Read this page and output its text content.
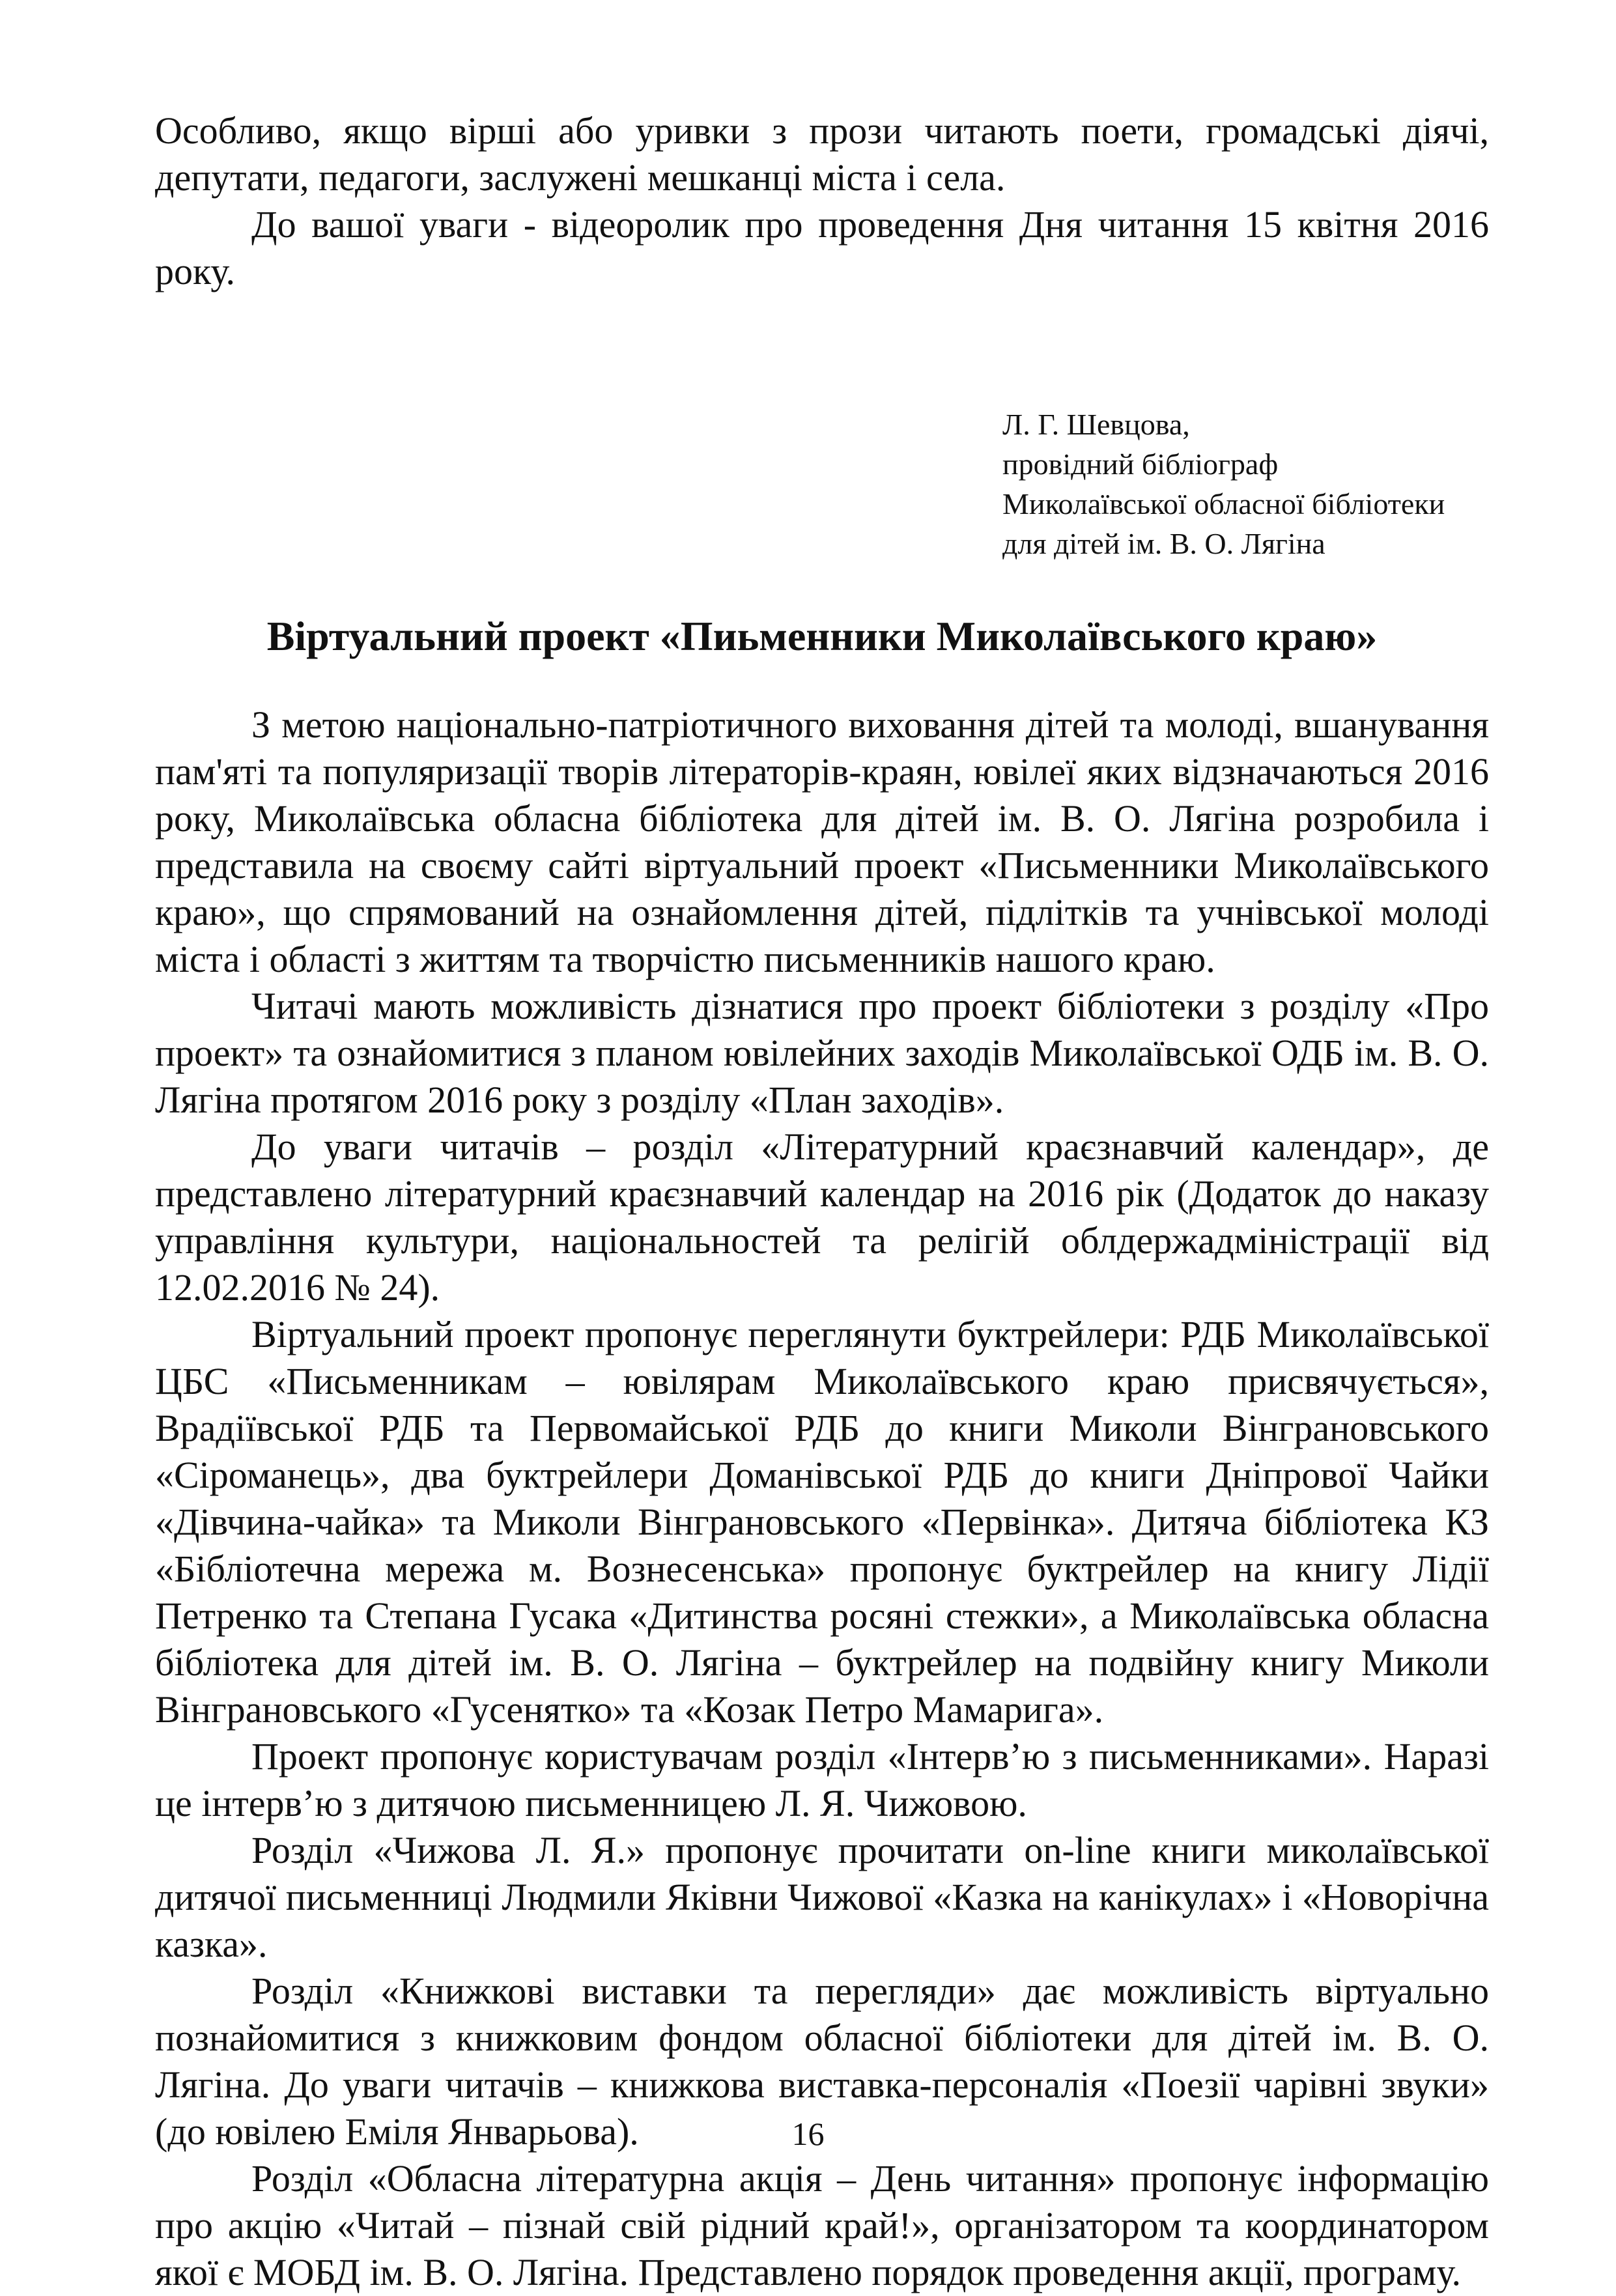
Особливо, якщо вірші або уривки з прози читають поети, громадські діячі, депутати, педагоги, заслужені мешканці міста і села.

До вашої уваги - відеоролик про проведення Дня читання 15 квітня 2016 року.

Л. Г. Шевцова,
провідний бібліограф
Миколаївської обласної бібліотеки
для дітей ім. В. О. Лягіна
Віртуальний проект «Пиьменники Миколаївського краю»

З метою національно-патріотичного виховання дітей та молоді, вшанування пам'яті та популяризації творів літераторів-краян, ювілеї яких відзначаються 2016 року, Миколаївська обласна бібліотека для дітей ім. В. О. Лягіна розробила і представила на своєму сайті віртуальний проект «Письменники Миколаївського краю», що спрямований на ознайомлення дітей, підлітків та учнівської молоді міста і області з життям та творчістю письменників нашого краю.

Читачі мають можливість дізнатися про проект бібліотеки з розділу «Про проект» та ознайомитися з планом ювілейних заходів Миколаївської ОДБ ім. В. О. Лягіна протягом 2016 року з розділу «План заходів».

До уваги читачів – розділ «Літературний краєзнавчий календар», де представлено літературний краєзнавчий календар на 2016 рік (Додаток до наказу управління культури, національностей та релігій облдержадміністрації від 12.02.2016 № 24).

Віртуальний проект пропонує переглянути буктрейлери: РДБ Миколаївської ЦБС «Письменникам – ювілярам Миколаївського краю присвячується», Врадіївської РДБ та Первомайської РДБ до книги Миколи Вінграновського «Сіроманець», два буктрейлери Доманівської РДБ до книги Дніпрової Чайки «Дівчина-чайка» та Миколи Вінграновського «Первінка». Дитяча бібліотека КЗ «Бібліотечна мережа м. Вознесенська» пропонує буктрейлер на книгу Лідії Петренко та Степана Гусака «Дитинства росяні стежки», а Миколаївська обласна бібліотека для дітей ім. В. О. Лягіна – буктрейлер на подвійну книгу Миколи Вінграновського «Гусенятко» та «Козак Петро Мамарига».

Проект пропонує користувачам розділ «Інтерв’ю з письменниками». Наразі це інтерв’ю з дитячою письменницею Л. Я. Чижовою.

Розділ «Чижова Л. Я.» пропонує прочитати on-line книги миколаївської дитячої письменниці Людмили Яківни Чижової «Казка на канікулах» і «Новорічна казка».

Розділ «Книжкові виставки та перегляди» дає можливість віртуально познайомитися з книжковим фондом обласної бібліотеки для дітей ім. В. О. Лягіна. До уваги читачів – книжкова виставка-персоналія «Поезії чарівні звуки» (до ювілею Еміля Январьова).

Розділ «Обласна літературна акція – День читання» пропонує інформацію про акцію «Читай – пізнай свій рідний край!», організатором та координатором якої є МОБД ім. В. О. Лягіна. Представлено порядок проведення акції, програму.

16
